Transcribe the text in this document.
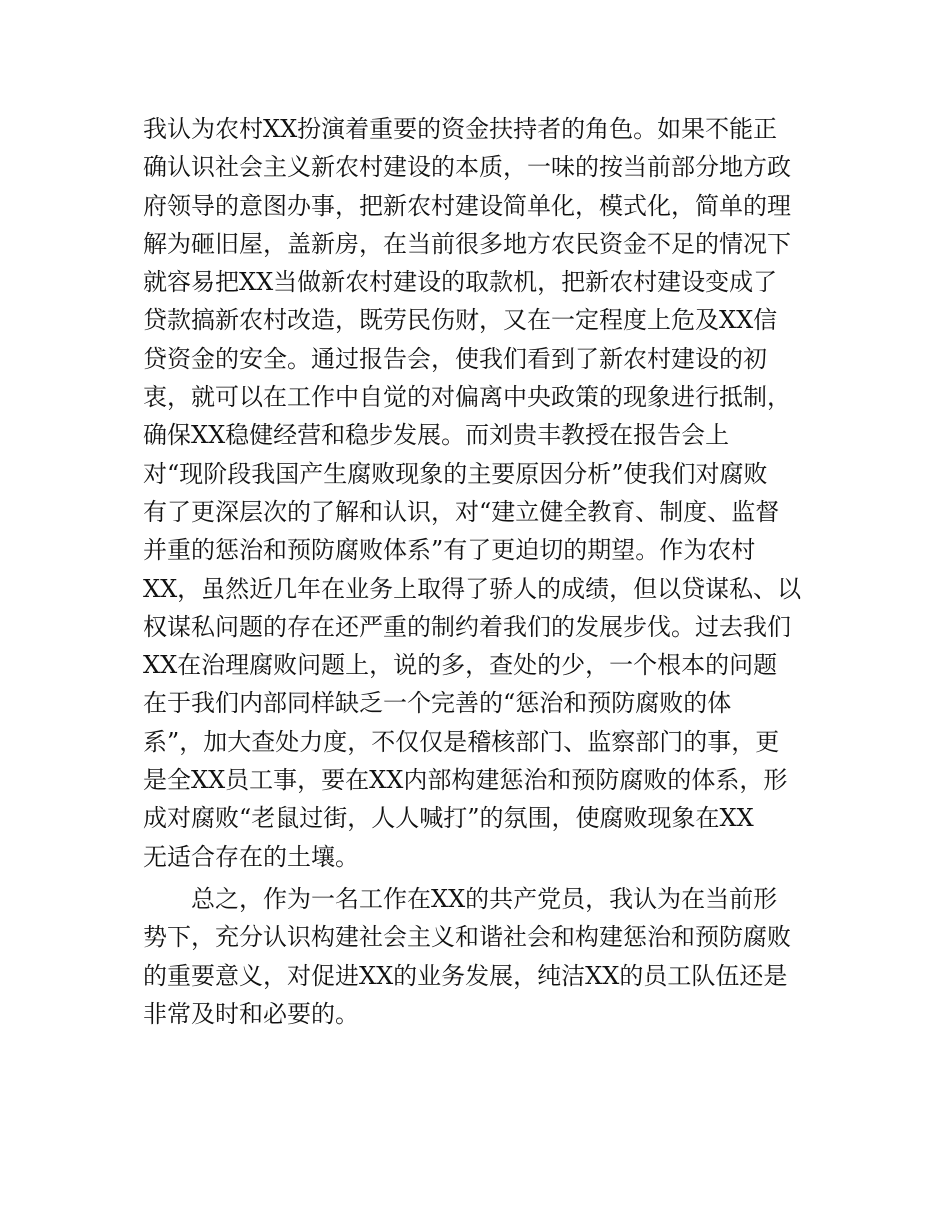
我认为农村XX扮演着重要的资金扶持者的角色。如果不能正
确认识社会主义新农村建设的本质，一味的按当前部分地方政
府领导的意图办事，把新农村建设简单化，模式化，简单的理
解为砸旧屋，盖新房，在当前很多地方农民资金不足的情况下
就容易把XX当做新农村建设的取款机，把新农村建设变成了
贷款搞新农村改造，既劳民伤财，又在一定程度上危及XX信
贷资金的安全。通过报告会，使我们看到了新农村建设的初
衷，就可以在工作中自觉的对偏离中央政策的现象进行抵制，
确保XX稳健经营和稳步发展。而刘贵丰教授在报告会上
对“现阶段我国产生腐败现象的主要原因分析”使我们对腐败
有了更深层次的了解和认识，对“建立健全教育、制度、监督
并重的惩治和预防腐败体系”有了更迫切的期望。作为农村
XX，虽然近几年在业务上取得了骄人的成绩，但以贷谋私、以
权谋私问题的存在还严重的制约着我们的发展步伐。过去我们
XX在治理腐败问题上，说的多，查处的少，一个根本的问题
在于我们内部同样缺乏一个完善的“惩治和预防腐败的体
系”，加大查处力度，不仅仅是稽核部门、监察部门的事，更
是全XX员工事，要在XX内部构建惩治和预防腐败的体系，形
成对腐败“老鼠过街，人人喊打”的氛围，使腐败现象在XX
无适合存在的土壤。
总之，作为一名工作在XX的共产党员，我认为在当前形
势下，充分认识构建社会主义和谐社会和构建惩治和预防腐败
的重要意义，对促进XX的业务发展，纯洁XX的员工队伍还是
非常及时和必要的。
